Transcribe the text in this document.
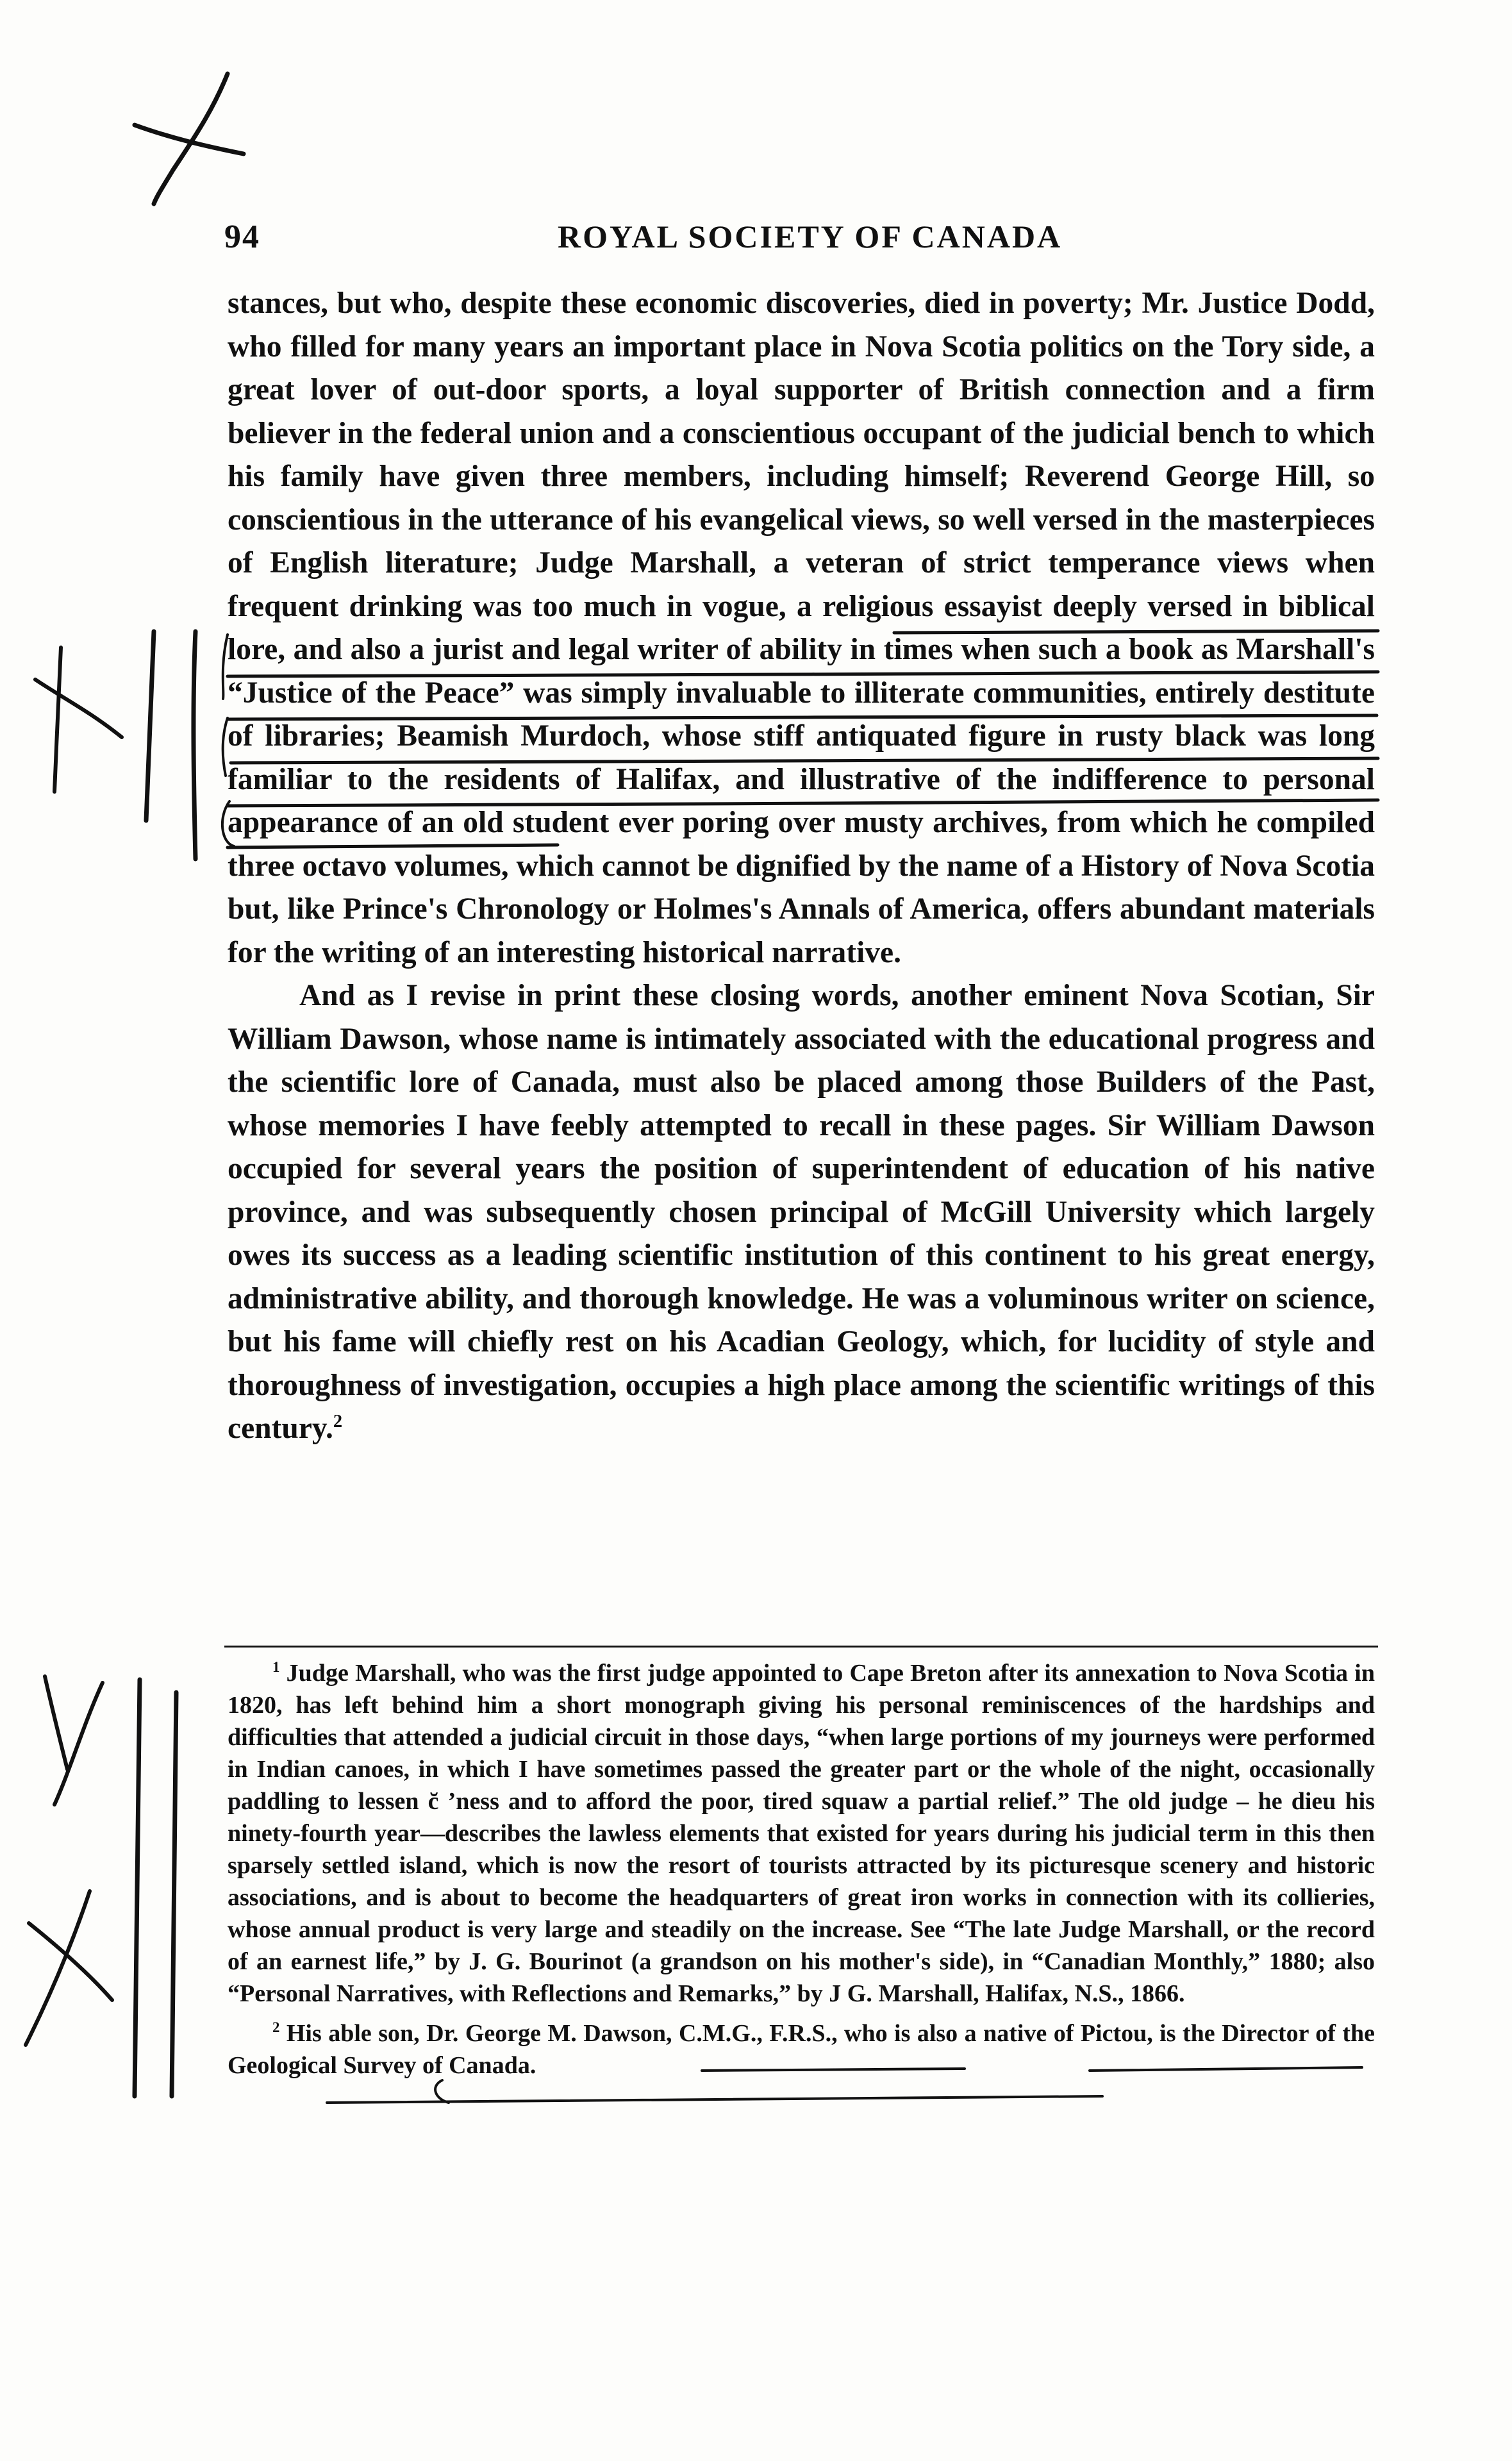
94	ROYAL SOCIETY OF CANADA

stances, but who, despite these economic discoveries, died in poverty; Mr. Justice Dodd, who filled for many years an important place in Nova Scotia politics on the Tory side, a great lover of out-door sports, a loyal supporter of British connection and a firm believer in the federal union and a conscientious occupant of the judicial bench to which his family have given three members, including himself; Reverend George Hill, so conscientious in the utterance of his evangelical views, so well versed in the masterpieces of English literature; Judge Marshall, a veteran of strict temperance views when frequent drinking was too much in vogue, a religious essayist deeply versed in biblical lore, and also a jurist and legal writer of ability in times when such a book as Marshall's “Justice of the Peace” was simply invaluable to illiterate communities, entirely destitute of libraries; Beamish Murdoch, whose stiff antiquated figure in rusty black was long familiar to the residents of Halifax, and illustrative of the indifference to personal appearance of an old student ever poring over musty archives, from which he compiled three octavo volumes, which cannot be dignified by the name of a History of Nova Scotia but, like Prince's Chronology or Holmes's Annals of America, offers abundant materials for the writing of an interesting historical narrative.

And as I revise in print these closing words, another eminent Nova Scotian, Sir William Dawson, whose name is intimately associated with the educational progress and the scientific lore of Canada, must also be placed among those Builders of the Past, whose memories I have feebly attempted to recall in these pages. Sir William Dawson occupied for several years the position of superintendent of education of his native province, and was subsequently chosen principal of McGill University which largely owes its success as a leading scientific institution of this continent to his great energy, administrative ability, and thorough knowledge. He was a voluminous writer on science, but his fame will chiefly rest on his Acadian Geology, which, for lucidity of style and thoroughness of investigation, occupies a high place among the scientific writings of this century.$^2$

$^1$ Judge Marshall, who was the first judge appointed to Cape Breton after its annexation to Nova Scotia in 1820, has left behind him a short monograph giving his personal reminiscences of the hardships and difficulties that attended a judicial circuit in those days, “when large portions of my journeys were performed in Indian canoes, in which I have sometimes passed the greater part or the whole of the night, occasionally paddling to lessen c̆̆ ’ness and to afford the poor, tired squaw a partial relief.” The old judge – he dieu his ninety-fourth year—describes the lawless elements that existed for years during his judicial term in this then sparsely settled island, which is now the resort of tourists attracted by its picturesque scenery and historic associations, and is about to become the headquarters of great iron works in connection with its collieries, whose annual product is very large and steadily on the increase. See “The late Judge Marshall, or the record of an earnest life,” by J. G. Bourinot (a grandson on his mother's side), in “Canadian Monthly,” 1880; also “Personal Narratives, with Reflections and Remarks,” by J G. Marshall, Halifax, N.S., 1866.

$^2$ His able son, Dr. George M. Dawson, C.M.G., F.R.S., who is also a native of Pictou, is the Director of the Geological Survey of Canada.
